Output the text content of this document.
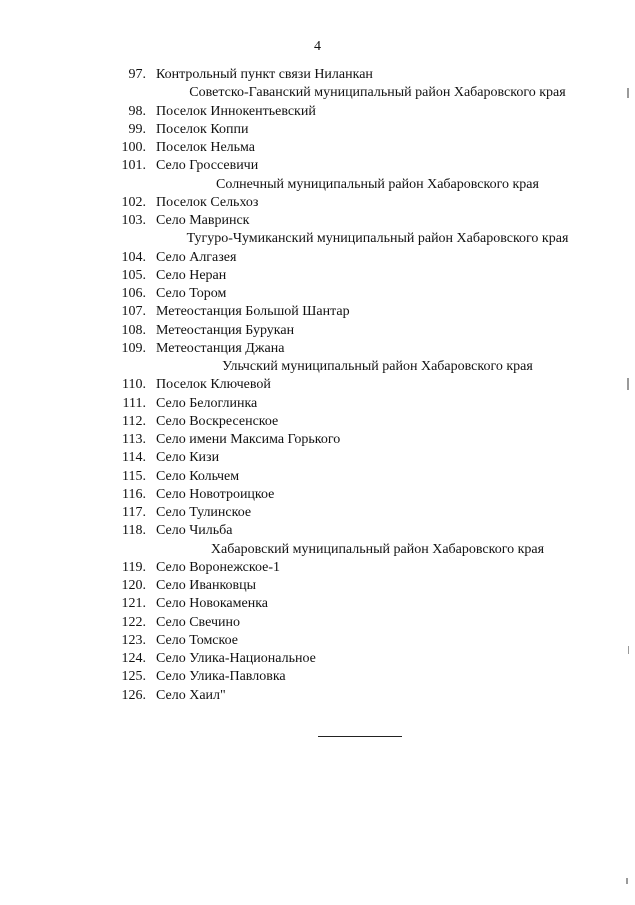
4
97. Контрольный пункт связи Ниланкан
Советско-Гаванский муниципальный район Хабаровского края
98. Поселок Иннокентьевский
99. Поселок Коппи
100. Поселок Нельма
101. Село Гроссевичи
Солнечный муниципальный район Хабаровского края
102. Поселок Сельхоз
103. Село Мавринск
Тугуро-Чумиканский муниципальный район Хабаровского края
104. Село Алгазея
105. Село Неран
106. Село Тором
107. Метеостанция Большой Шантар
108. Метеостанция Бурукан
109. Метеостанция Джана
Ульчский муниципальный район Хабаровского края
110. Поселок Ключевой
111. Село Белоглинка
112. Село Воскресенское
113. Село имени Максима Горького
114. Село Кизи
115. Село Кольчем
116. Село Новотроицкое
117. Село Тулинское
118. Село Чильба
Хабаровский муниципальный район Хабаровского края
119. Село Воронежское-1
120. Село Иванковцы
121. Село Новокаменка
122. Село Свечино
123. Село Томское
124. Село Улика-Национальное
125. Село Улика-Павловка
126. Село Хаил"
